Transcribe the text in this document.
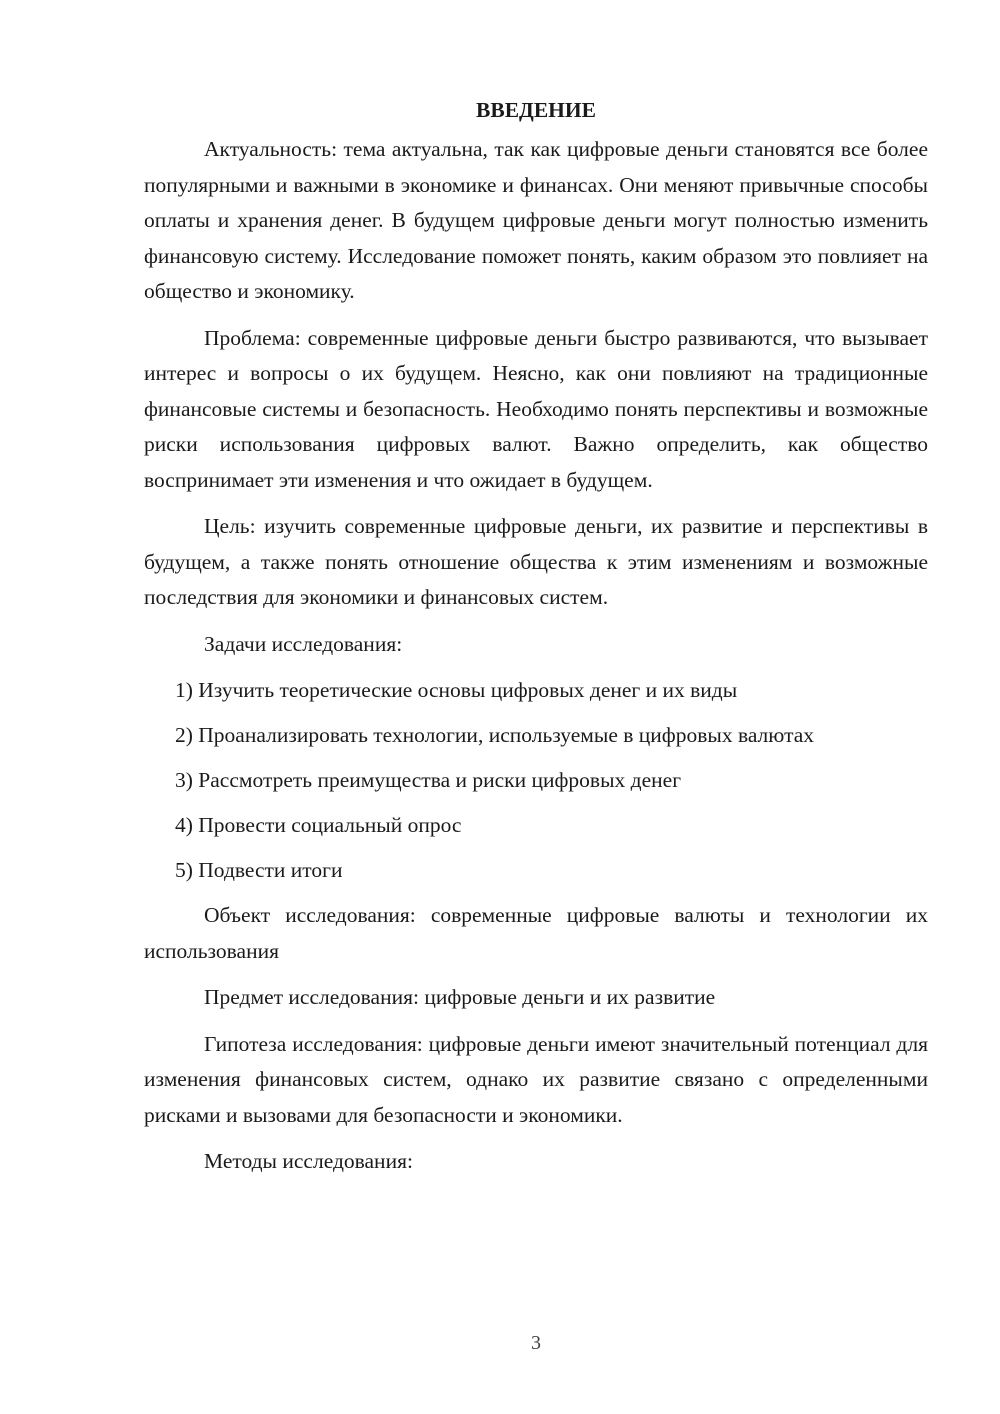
ВВЕДЕНИЕ

Актуальность: тема актуальна, так как цифровые деньги становятся все более популярными и важными в экономике и финансах. Они меняют привычные способы оплаты и хранения денег. В будущем цифровые деньги могут полностью изменить финансовую систему. Исследование поможет понять, каким образом это повлияет на общество и экономику.

Проблема: современные цифровые деньги быстро развиваются, что вызывает интерес и вопросы о их будущем. Неясно, как они повлияют на традиционные финансовые системы и безопасность. Необходимо понять перспективы и возможные риски использования цифровых валют. Важно определить, как общество воспринимает эти изменения и что ожидает в будущем.

Цель: изучить современные цифровые деньги, их развитие и перспективы в будущем, а также понять отношение общества к этим изменениям и возможные последствия для экономики и финансовых систем.

Задачи исследования:

1) Изучить теоретические основы цифровых денег и их виды
2) Проанализировать технологии, используемые в цифровых валютах
3) Рассмотреть преимущества и риски цифровых денег
4) Провести социальный опрос
5) Подвести итоги

Объект исследования: современные цифровые валюты и технологии их использования

Предмет исследования: цифровые деньги и их развитие

Гипотеза исследования: цифровые деньги имеют значительный потенциал для изменения финансовых систем, однако их развитие связано с определенными рисками и вызовами для безопасности и экономики.

Методы исследования:

3
